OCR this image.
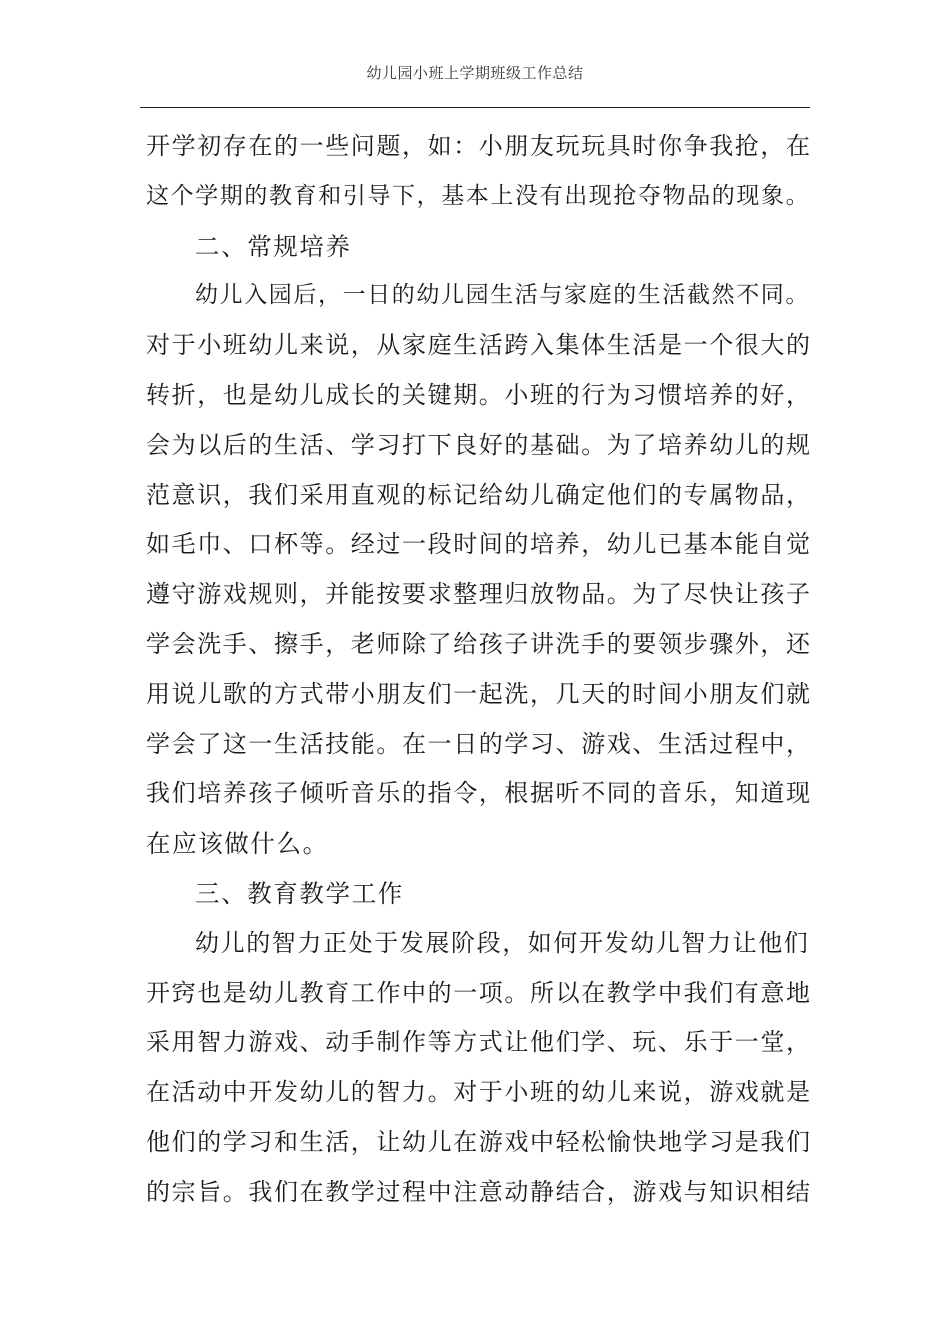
幼儿园小班上学期班级工作总结
开学初存在的一些问题，如：小朋友玩玩具时你争我抢，在
这个学期的教育和引导下，基本上没有出现抢夺物品的现象。
二、常规培养
幼儿入园后，一日的幼儿园生活与家庭的生活截然不同。
对于小班幼儿来说，从家庭生活跨入集体生活是一个很大的
转折，也是幼儿成长的关键期。小班的行为习惯培养的好，
会为以后的生活、学习打下良好的基础。为了培养幼儿的规
范意识，我们采用直观的标记给幼儿确定他们的专属物品，
如毛巾、口杯等。经过一段时间的培养，幼儿已基本能自觉
遵守游戏规则，并能按要求整理归放物品。为了尽快让孩子
学会洗手、擦手，老师除了给孩子讲洗手的要领步骤外，还
用说儿歌的方式带小朋友们一起洗，几天的时间小朋友们就
学会了这一生活技能。在一日的学习、游戏、生活过程中，
我们培养孩子倾听音乐的指令，根据听不同的音乐，知道现
在应该做什么。
三、教育教学工作
幼儿的智力正处于发展阶段，如何开发幼儿智力让他们
开窍也是幼儿教育工作中的一项。所以在教学中我们有意地
采用智力游戏、动手制作等方式让他们学、玩、乐于一堂，
在活动中开发幼儿的智力。对于小班的幼儿来说，游戏就是
他们的学习和生活，让幼儿在游戏中轻松愉快地学习是我们
的宗旨。我们在教学过程中注意动静结合，游戏与知识相结
